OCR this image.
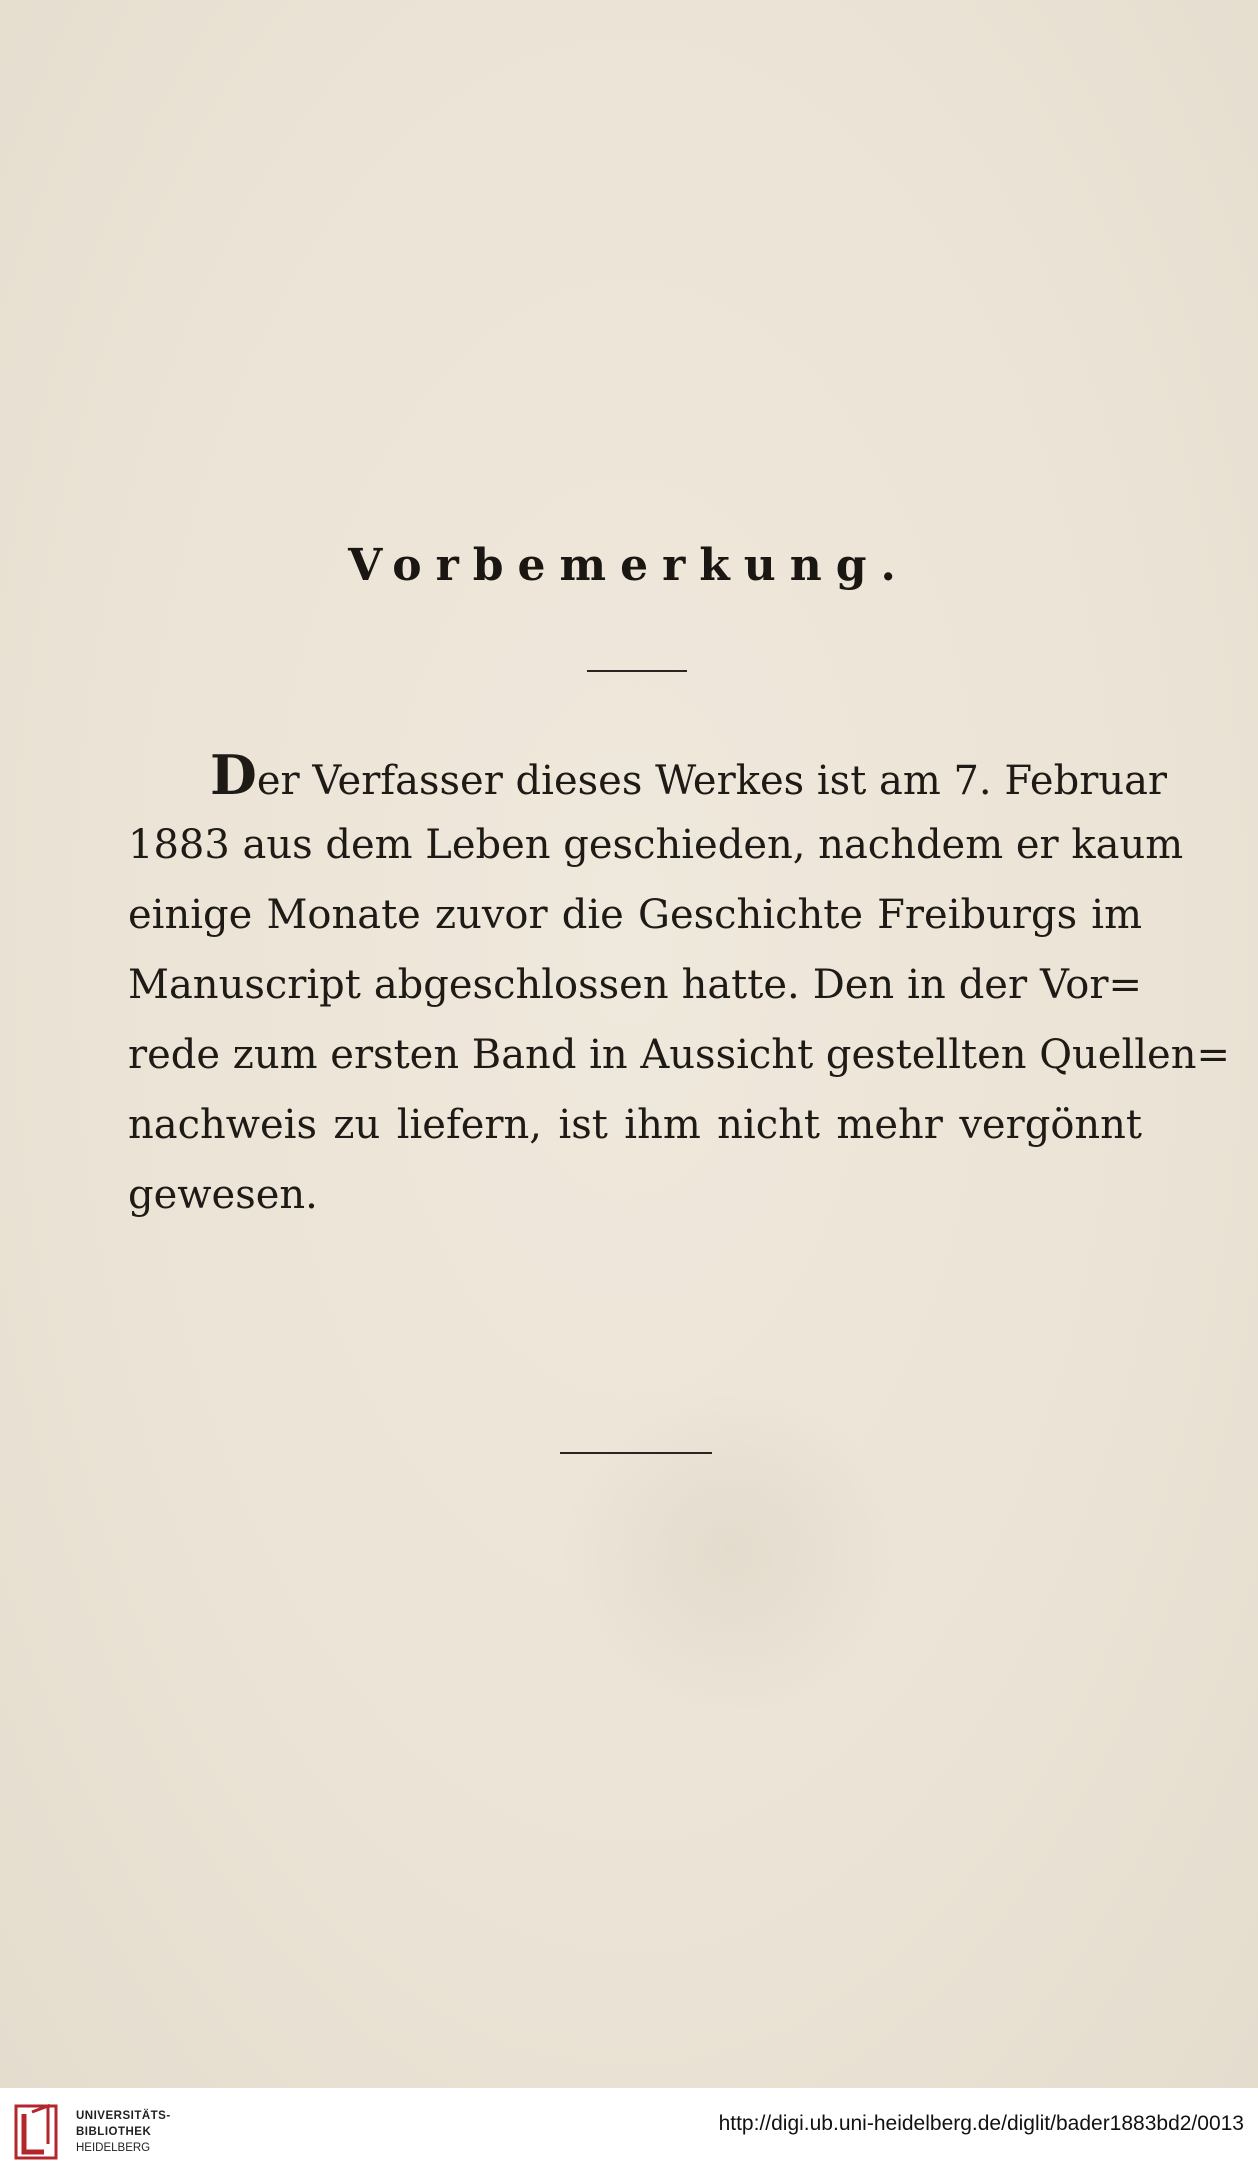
Vorbemerkung.
Der Verfasser dieses Werkes ist am 7. Februar
1883 aus dem Leben geschieden, nachdem er kaum
einige Monate zuvor die Geschichte Freiburgs im
Manuscript abgeschlossen hatte. Den in der Vor=
rede zum ersten Band in Aussicht gestellten Quellen=
nachweis zu liefern, ist ihm nicht mehr vergönnt
gewesen.
UNIVERSITÄTS-
BIBLIOTHEK
HEIDELBERG
http://digi.ub.uni-heidelberg.de/diglit/bader1883bd2/0013
